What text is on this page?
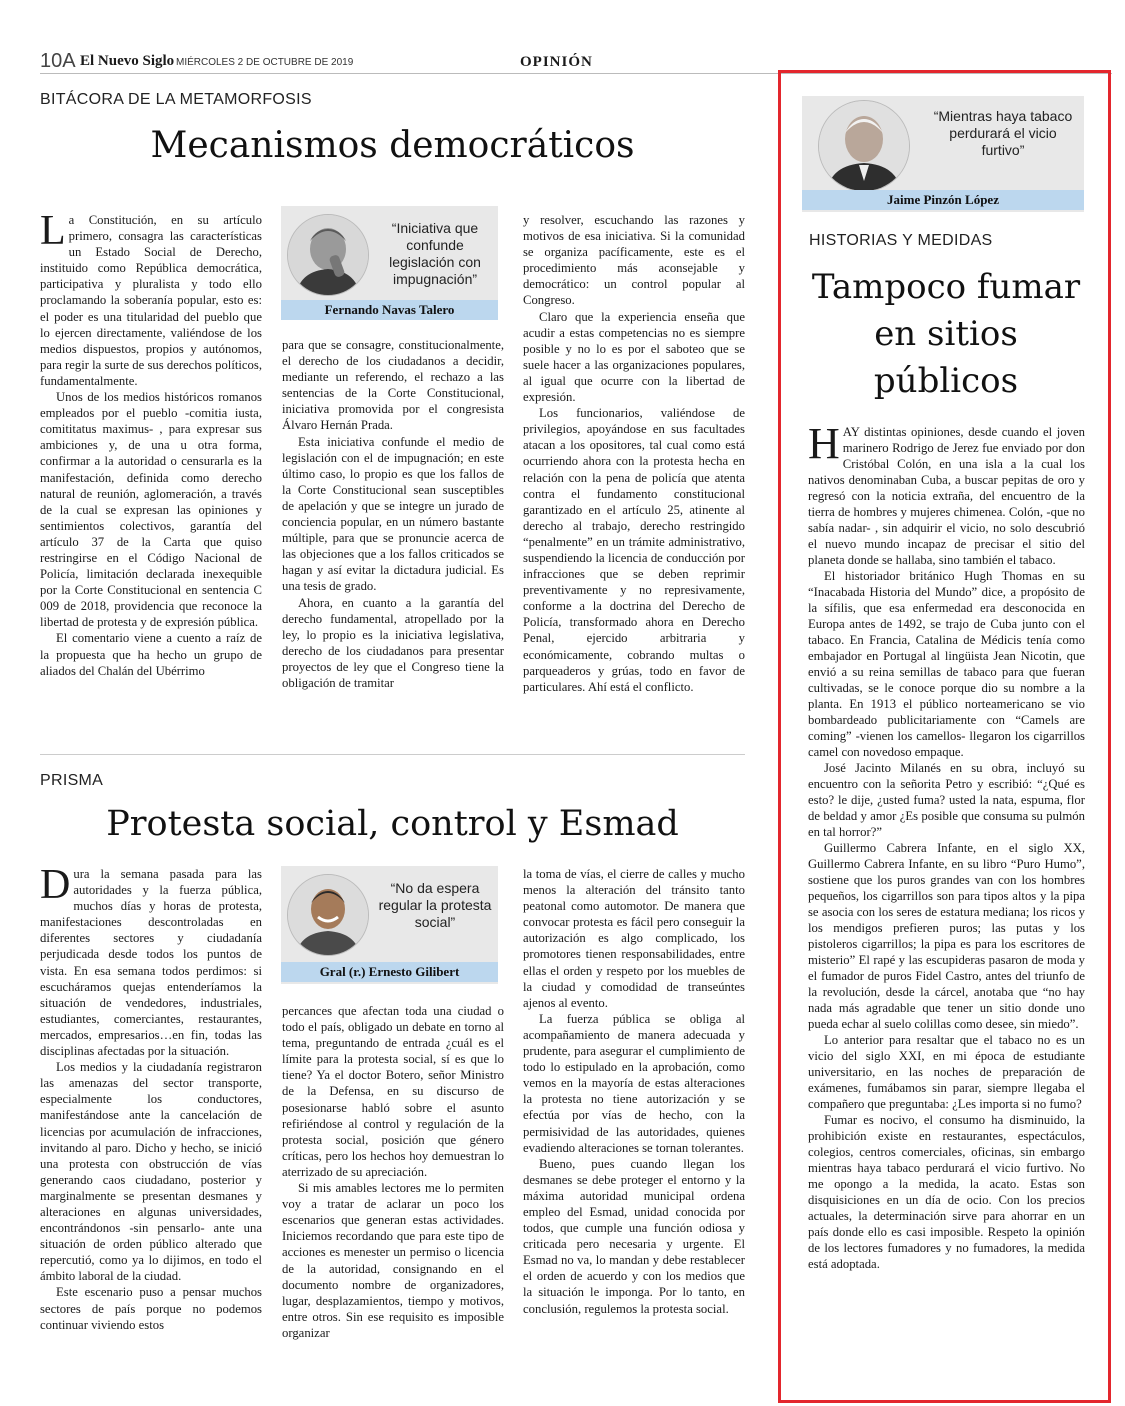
10A El Nuevo Siglo MIÉRCOLES 2 DE OCTUBRE DE 2019	OPINIÓN
BITÁCORA DE LA METAMORFOSIS
Mecanismos democráticos

La Constitución, en su artículo primero, consagra las características un Estado Social de Derecho, instituido como República democrática, participativa y pluralista y todo ello proclamando la soberanía popular, esto es: el poder es una titularidad del pueblo que lo ejercen directamente, valiéndose de los medios dispuestos, propios y autónomos, para regir la surte de sus derechos políticos, fundamentalmente.

Unos de los medios históricos romanos empleados por el pueblo -comitia iusta, comititatus maximus- , para expresar sus ambiciones y, de una u otra forma, confirmar a la autoridad o censurarla es la manifestación, definida como derecho natural de reunión, aglomeración, a través de la cual se expresan las opiniones y sentimientos colectivos, garantía del artículo 37 de la Carta que quiso restringirse en el Código Nacional de Policía, limitación declarada inexequible por la Corte Constitucional en sentencia C 009 de 2018, providencia que reconoce la libertad de protesta y de expresión pública.

El comentario viene a cuento a raíz de la propuesta que ha hecho un grupo de aliados del Chalán del Ubérrimo

“Iniciativa que confunde legislación con impugnación”
Fernando Navas Talero

para que se consagre, constitucionalmente, el derecho de los ciudadanos a decidir, mediante un referendo, el rechazo a las sentencias de la Corte Constitucional, iniciativa promovida por el congresista Álvaro Hernán Prada.

Esta iniciativa confunde el medio de legislación con el de impugnación; en este último caso, lo propio es que los fallos de la Corte Constitucional sean susceptibles de apelación y que se integre un jurado de conciencia popular, en un número bastante múltiple, para que se pronuncie acerca de las objeciones que a los fallos criticados se hagan y así evitar la dictadura judicial. Es una tesis de grado.

Ahora, en cuanto a la garantía del derecho fundamental, atropellado por la ley, lo propio es la iniciativa legislativa, derecho de los ciudadanos para presentar proyectos de ley que el Congreso tiene la obligación de tramitar

y resolver, escuchando las razones y motivos de esa iniciativa. Si la comunidad se organiza pacíficamente, este es el procedimiento más aconsejable y democrático: un control popular al Congreso.

Claro que la experiencia enseña que acudir a estas competencias no es siempre posible y no lo es por el saboteo que se suele hacer a las organizaciones populares, al igual que ocurre con la libertad de expresión.

Los funcionarios, valiéndose de privilegios, apoyándose en sus facultades atacan a los opositores, tal cual como está ocurriendo ahora con la protesta hecha en relación con la pena de policía que atenta contra el fundamento constitucional garantizado en el artículo 25, atinente al derecho al trabajo, derecho restringido “penalmente” en un trámite administrativo, suspendiendo la licencia de conducción por infracciones que se deben reprimir preventivamente y no represivamente, conforme a la doctrina del Derecho de Policía, transformado ahora en Derecho Penal, ejercido arbitraria y económicamente, cobrando multas o parqueaderos y grúas, todo en favor de particulares. Ahí está el conflicto.

PRISMA
Protesta social, control y Esmad

Dura la semana pasada para las autoridades y la fuerza pública, muchos días y horas de protesta, manifestaciones descontroladas en diferentes sectores y ciudadanía perjudicada desde todos los puntos de vista. En esa semana todos perdimos: si escucháramos quejas entenderíamos la situación de vendedores, industriales, estudiantes, comerciantes, restaurantes, mercados, empresarios…en fin, todas las disciplinas afectadas por la situación.

Los medios y la ciudadanía registraron las amenazas del sector transporte, especialmente los conductores, manifestándose ante la cancelación de licencias por acumulación de infracciones, invitando al paro. Dicho y hecho, se inició una protesta con obstrucción de vías generando caos ciudadano, posterior y marginalmente se presentan desmanes y alteraciones en algunas universidades, encontrándonos -sin pensarlo- ante una situación de orden público alterado que repercutió, como ya lo dijimos, en todo el ámbito laboral de la ciudad.

Este escenario puso a pensar muchos sectores de país porque no podemos continuar viviendo estos

“No da espera regular la protesta social”
Gral (r.) Ernesto Gilibert

percances que afectan toda una ciudad o todo el país, obligado un debate en torno al tema, preguntando de entrada ¿cuál es el límite para la protesta social, sí es que lo tiene? Ya el doctor Botero, señor Ministro de la Defensa, en su discurso de posesionarse habló sobre el asunto refiriéndose al control y regulación de la protesta social, posición que género críticas, pero los hechos hoy demuestran lo aterrizado de su apreciación.

Si mis amables lectores me lo permiten voy a tratar de aclarar un poco los escenarios que generan estas actividades. Iniciemos recordando que para este tipo de acciones es menester un permiso o licencia de la autoridad, consignando en el documento nombre de organizadores, lugar, desplazamientos, tiempo y motivos, entre otros. Sin ese requisito es imposible organizar

la toma de vías, el cierre de calles y mucho menos la alteración del tránsito tanto peatonal como automotor. De manera que convocar protesta es fácil pero conseguir la autorización es algo complicado, los promotores tienen responsabilidades, entre ellas el orden y respeto por los muebles de la ciudad y comodidad de transeúntes ajenos al evento.

La fuerza pública se obliga al acompañamiento de manera adecuada y prudente, para asegurar el cumplimiento de todo lo estipulado en la aprobación, como vemos en la mayoría de estas alteraciones la protesta no tiene autorización y se efectúa por vías de hecho, con la permisividad de las autoridades, quienes evadiendo alteraciones se tornan tolerantes.

Bueno, pues cuando llegan los desmanes se debe proteger el entorno y la máxima autoridad municipal ordena empleo del Esmad, unidad conocida por todos, que cumple una función odiosa y criticada pero necesaria y urgente. El Esmad no va, lo mandan y debe restablecer el orden de acuerdo y con los medios que la situación le imponga. Por lo tanto, en conclusión, regulemos la protesta social.

“Mientras haya tabaco perdurará el vicio furtivo”
Jaime Pinzón López
HISTORIAS Y MEDIDAS
Tampoco fumar en sitios públicos

HAY distintas opiniones, desde cuando el joven marinero Rodrigo de Jerez fue enviado por don Cristóbal Colón, en una isla a la cual los nativos denominaban Cuba, a buscar pepitas de oro y regresó con la noticia extraña, del encuentro de la tierra de hombres y mujeres chimenea. Colón, -que no sabía nadar- , sin adquirir el vicio, no solo descubrió el nuevo mundo incapaz de precisar el sitio del planeta donde se hallaba, sino también el tabaco.

El historiador británico Hugh Thomas en su “Inacabada Historia del Mundo” dice, a propósito de la sífilis, que esa enfermedad era desconocida en Europa antes de 1492, se trajo de Cuba junto con el tabaco. En Francia, Catalina de Médicis tenía como embajador en Portugal al lingüista Jean Nicotin, que envió a su reina semillas de tabaco para que fueran cultivadas, se le conoce porque dio su nombre a la planta. En 1913 el público norteamericano se vio bombardeado publicitariamente con “Camels are coming” -vienen los camellos- llegaron los cigarrillos camel con novedoso empaque.

José Jacinto Milanés en su obra, incluyó su encuentro con la señorita Petro y escribió: “¿Qué es esto? le dije, ¿usted fuma? usted la nata, espuma, flor de beldad y amor ¿Es posible que consuma su pulmón en tal horror?”

Guillermo Cabrera Infante, en el siglo XX, Guillermo Cabrera Infante, en su libro “Puro Humo”, sostiene que los puros grandes van con los hombres pequeños, los cigarrillos son para tipos altos y la pipa se asocia con los seres de estatura mediana; los ricos y los mendigos prefieren puros; las putas y los pistoleros cigarrillos; la pipa es para los escritores de misterio” El rapé y las escupideras pasaron de moda y el fumador de puros Fidel Castro, antes del triunfo de la revolución, desde la cárcel, anotaba que “no hay nada más agradable que tener un sitio donde uno pueda echar al suelo colillas como desee, sin miedo”.

Lo anterior para resaltar que el tabaco no es un vicio del siglo XXI, en mi época de estudiante universitario, en las noches de preparación de exámenes, fumábamos sin parar, siempre llegaba el compañero que preguntaba: ¿Les importa si no fumo?

Fumar es nocivo, el consumo ha disminuido, la prohibición existe en restaurantes, espectáculos, colegios, centros comerciales, oficinas, sin embargo mientras haya tabaco perdurará el vicio furtivo. No me opongo a la medida, la acato. Estas son disquisiciones en un día de ocio. Con los precios actuales, la determinación sirve para ahorrar en un país donde ello es casi imposible. Respeto la opinión de los lectores fumadores y no fumadores, la medida está adoptada.
